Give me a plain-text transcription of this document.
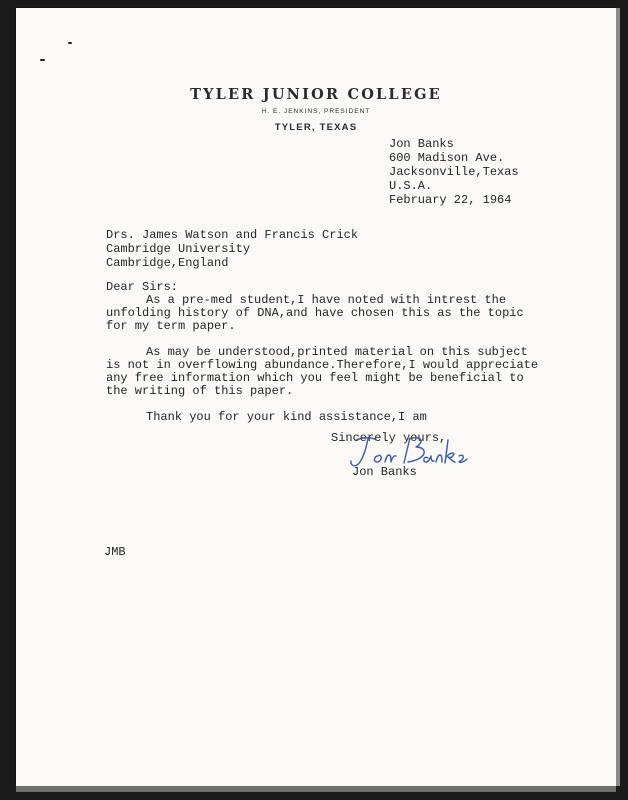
TYLER JUNIOR COLLEGE
H. E. JENKINS, PRESIDENT
TYLER, TEXAS
Jon Banks
600 Madison Ave.
Jacksonville,Texas
U.S.A.
February 22, 1964
Drs. James Watson and Francis Crick
Cambridge University
Cambridge,England
Dear Sirs:
As a pre-med student,I have noted with intrest the
unfolding history of DNA,and have chosen this as the topic
for my term paper.
As may be understood,printed material on this subject
is not in overflowing abundance.Therefore,I would appreciate
any free information which you feel might be beneficial to
the writing of this paper.
Thank you for your kind assistance,I am
Sincerely yours,
Jon Banks
JMB
